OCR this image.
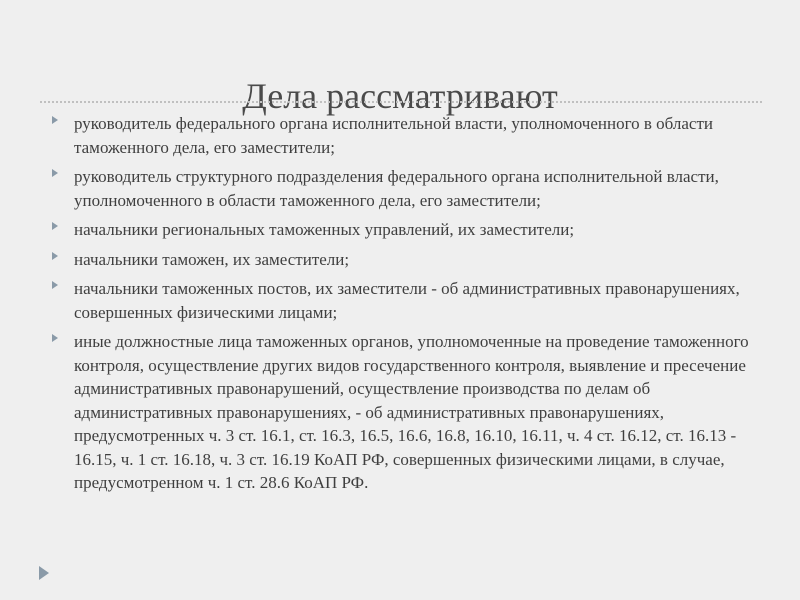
Дела рассматривают
руководитель федерального органа исполнительной власти, уполномоченного в области таможенного дела, его заместители;
руководитель структурного подразделения федерального органа исполнительной власти, уполномоченного в области таможенного дела, его заместители;
начальники региональных таможенных управлений, их заместители;
начальники таможен, их заместители;
начальники таможенных постов, их заместители - об административных правонарушениях, совершенных физическими лицами;
иные должностные лица таможенных органов, уполномоченные на проведение таможенного контроля, осуществление других видов государственного контроля, выявление и пресечение административных правонарушений, осуществление производства по делам об административных правонарушениях, - об административных правонарушениях, предусмотренных ч. 3 ст. 16.1, ст. 16.3, 16.5, 16.6, 16.8, 16.10, 16.11, ч. 4 ст. 16.12, ст. 16.13 - 16.15, ч. 1 ст. 16.18, ч. 3 ст. 16.19 КоАП РФ, совершенных физическими лицами, в случае, предусмотренном ч. 1 ст. 28.6 КоАП РФ.
